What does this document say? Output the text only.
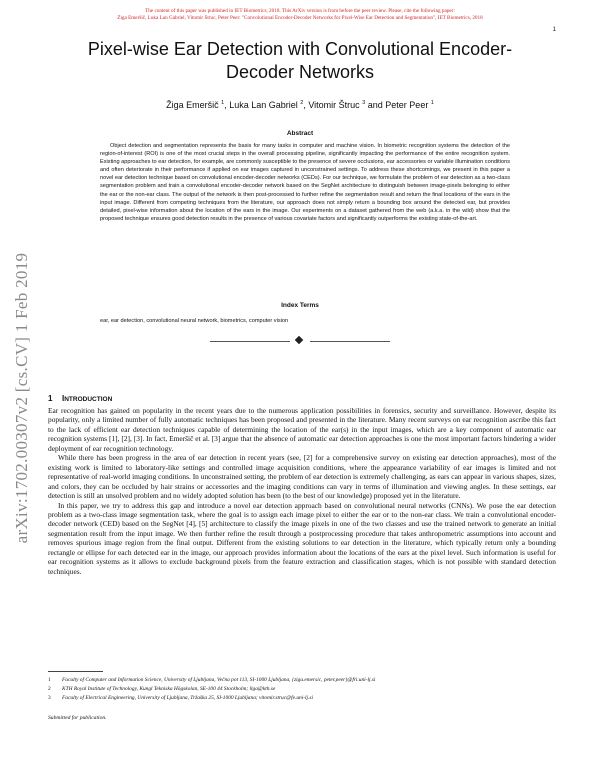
The content of this paper was published in IET Biometrics, 2018. This ArXiv version is from before the peer review. Please, cite the following paper:
Žiga Emeršič, Luka Lan Gabriel, Vitomir Štruc, Peter Peer: "Convolutional Encoder-Decoder Networks for Pixel-Wise Ear Detection and Segmentation", IET Biometrics, 2018
1
arXiv:1702.00307v2 [cs.CV] 1 Feb 2019
Pixel-wise Ear Detection with Convolutional Encoder-Decoder Networks
Žiga Emeršič $^1$, Luka Lan Gabriel $^2$, Vitomir Štruc $^3$ and Peter Peer $^1$
Abstract
Object detection and segmentation represents the basis for many tasks in computer and machine vision. In biometric recognition systems the detection of the region-of-interest (ROI) is one of the most crucial steps in the overall processing pipeline, significantly impacting the performance of the entire recognition system. Existing approaches to ear detection, for example, are commonly susceptible to the presence of severe occlusions, ear accessories or variable illumination conditions and often deteriorate in their performance if applied on ear images captured in unconstrained settings. To address these shortcomings, we present in this paper a novel ear detection technique based on convolutional encoder-decoder networks (CEDs). For our technique, we formulate the problem of ear detection as a two-class segmentation problem and train a convolutional encoder-decoder network based on the SegNet architecture to distinguish between image-pixels belonging to either the ear or the non-ear class. The output of the network is then post-processed to further refine the segmentation result and return the final locations of the ears in the input image. Different from competing techniques from the literature, our approach does not simply return a bounding box around the detected ear, but provides detailed, pixel-wise information about the location of the ears in the image. Our experiments on a dataset gathered from the web (a.k.a. in the wild) show that the proposed technique ensures good detection results in the presence of various covariate factors and significantly outperforms the existing state-of-the-art.
Index Terms
ear, ear detection, convolutional neural network, biometrics, computer vision
1 INTRODUCTION

Ear recognition has gained on popularity in the recent years due to the numerous application possibilities in forensics, security and surveillance. However, despite its popularity, only a limited number of fully automatic techniques has been proposed and presented in the literature. Many recent surveys on ear recognition ascribe this fact to the lack of efficient ear detection techniques capable of determining the location of the ear(s) in the input images, which are a key component of automatic ear recognition systems [1], [2], [3]. In fact, Emeršič et al. [3] argue that the absence of automatic ear detection approaches is one the most important factors hindering a wider deployment of ear recognition technology.

While there has been progress in the area of ear detection in recent years (see, [2] for a comprehensive survey on existing ear detection approaches), most of the existing work is limited to laboratory-like settings and controlled image acquisition conditions, where the appearance variability of ear images is limited and not representative of real-world imaging conditions. In unconstrained setting, the problem of ear detection is extremely challenging, as ears can appear in various shapes, sizes, and colors, they can be occluded by hair strains or accessories and the imaging conditions can vary in terms of illumination and viewing angles. In these settings, ear detection is still an unsolved problem and no widely adopted solution has been (to the best of our knowledge) proposed yet in the literature.

In this paper, we try to address this gap and introduce a novel ear detection approach based on convolutional neural networks (CNNs). We pose the ear detection problem as a two-class image segmentation task, where the goal is to assign each image pixel to either the ear or to the non-ear class. We train a convolutional encoder-decoder network (CED) based on the SegNet [4], [5] architecture to classify the image pixels in one of the two classes and use the trained network to generate an initial segmentation result from the input image. We then further refine the result through a postprocessing procedure that takes anthropometric assumptions into account and removes spurious image region from the final output. Different from the existing solutions to ear detection in the literature, which typically return only a bounding rectangle or ellipse for each detected ear in the image, our approach provides information about the locations of the ears at the pixel level. Such information is useful for ear recognition systems as it allows to exclude background pixels from the feature extraction and classification stages, which is not possible with standard detection techniques.

1	Faculty of Computer and Information Science, University of Ljubljana, Večna pot 113, SI-1000 Ljubljana, {ziga.emersic, peter.peer}@fri.uni-lj.si
2	KTH Royal Institute of Technology, Kungl Tekniska Högskolan, SE-100 44 Stockholm; llga@kth.se
3	Faculty of Electrical Engineering, University of Ljubljana, Tržaška 25, SI-1000 Ljubljana; vitomir.struc@fe.uni-lj.si
Submitted for publication.
